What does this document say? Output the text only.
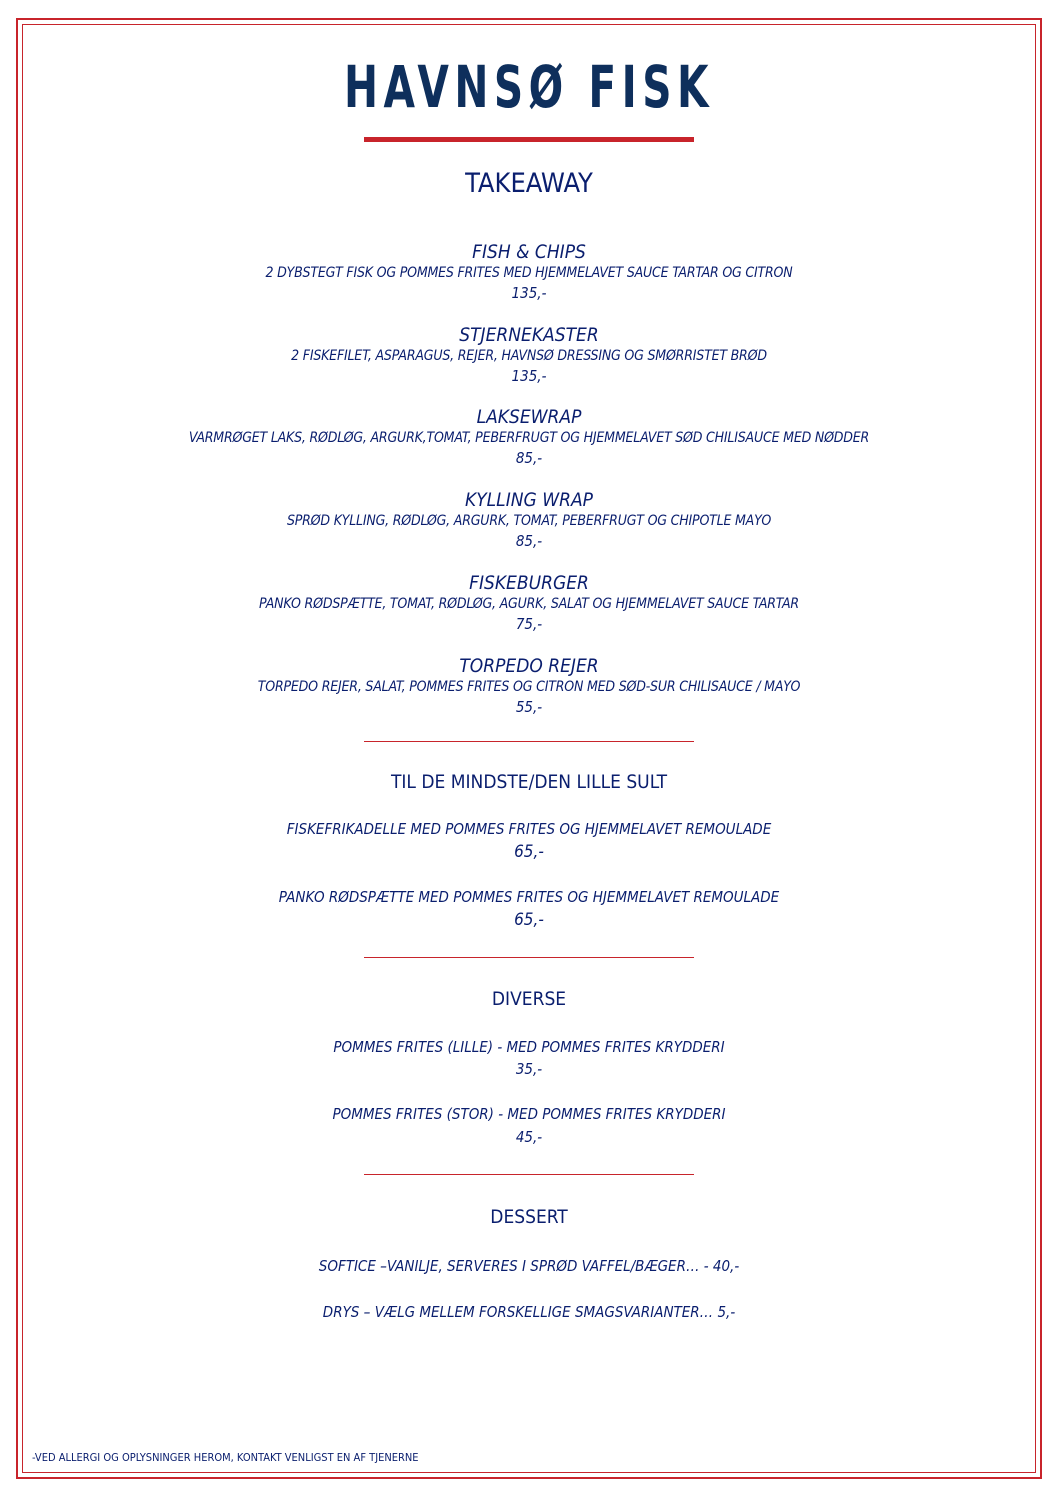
HAVNSØ FISK
TAKEAWAY
FISH & CHIPS
2 DYBSTEGT FISK OG POMMES FRITES MED HJEMMELAVET SAUCE TARTAR OG CITRON
135,-
STJERNEKASTER
2 FISKEFILET, ASPARAGUS, REJER, HAVNSØ DRESSING OG SMØRRISTET BRØD
135,-
LAKSEWRAP
VARMRØGET LAKS, RØDLØG, ARGURK,TOMAT, PEBERFRUGT OG HJEMMELAVET SØD CHILISAUCE MED NØDDER
85,-
KYLLING WRAP
SPRØD KYLLING, RØDLØG, ARGURK, TOMAT, PEBERFRUGT OG CHIPOTLE MAYO
85,-
FISKEBURGER
PANKO RØDSPÆTTE, TOMAT, RØDLØG, AGURK, SALAT OG HJEMMELAVET SAUCE TARTAR
75,-
TORPEDO REJER
TORPEDO REJER, SALAT, POMMES FRITES OG CITRON MED SØD-SUR CHILISAUCE / MAYO
55,-
TIL DE MINDSTE/DEN LILLE SULT
FISKEFRIKADELLE MED POMMES FRITES OG HJEMMELAVET REMOULADE
65,-
PANKO RØDSPÆTTE MED POMMES FRITES OG HJEMMELAVET REMOULADE
65,-
DIVERSE
POMMES FRITES (LILLE) - MED POMMES FRITES KRYDDERI
35,-
POMMES FRITES (STOR) - MED POMMES FRITES KRYDDERI
45,-
DESSERT
SOFTICE –VANILJE, SERVERES I SPRØD VAFFEL/BÆGER… - 40,-
DRYS – VÆLG MELLEM FORSKELLIGE SMAGSVARIANTER… 5,-
-VED ALLERGI OG OPLYSNINGER HEROM, KONTAKT VENLIGST EN AF TJENERNE
